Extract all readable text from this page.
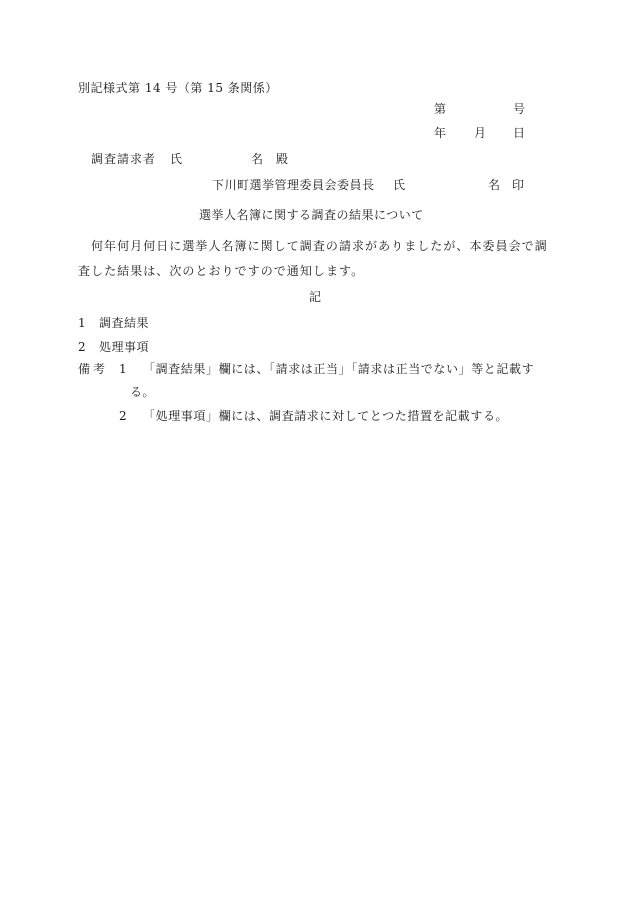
別記様式第 14 号（第 15 条関係）
第	号
年 月 日
調査請求者 氏	名 殿
下川町選挙管理委員会委員長 氏	名 印
選挙人名簿に関する調査の結果について
何年何月何日に選挙人名簿に関して調査の請求がありましたが、本委員会で調
査した結果は、次のとおりですので通知します。
記
1 調査結果
2 処理事項
備考 1 「調査結果」欄には、「請求は正当」「請求は正当でない」等と記載す
る。
2 「処理事項」欄には、調査請求に対してとつた措置を記載する。
